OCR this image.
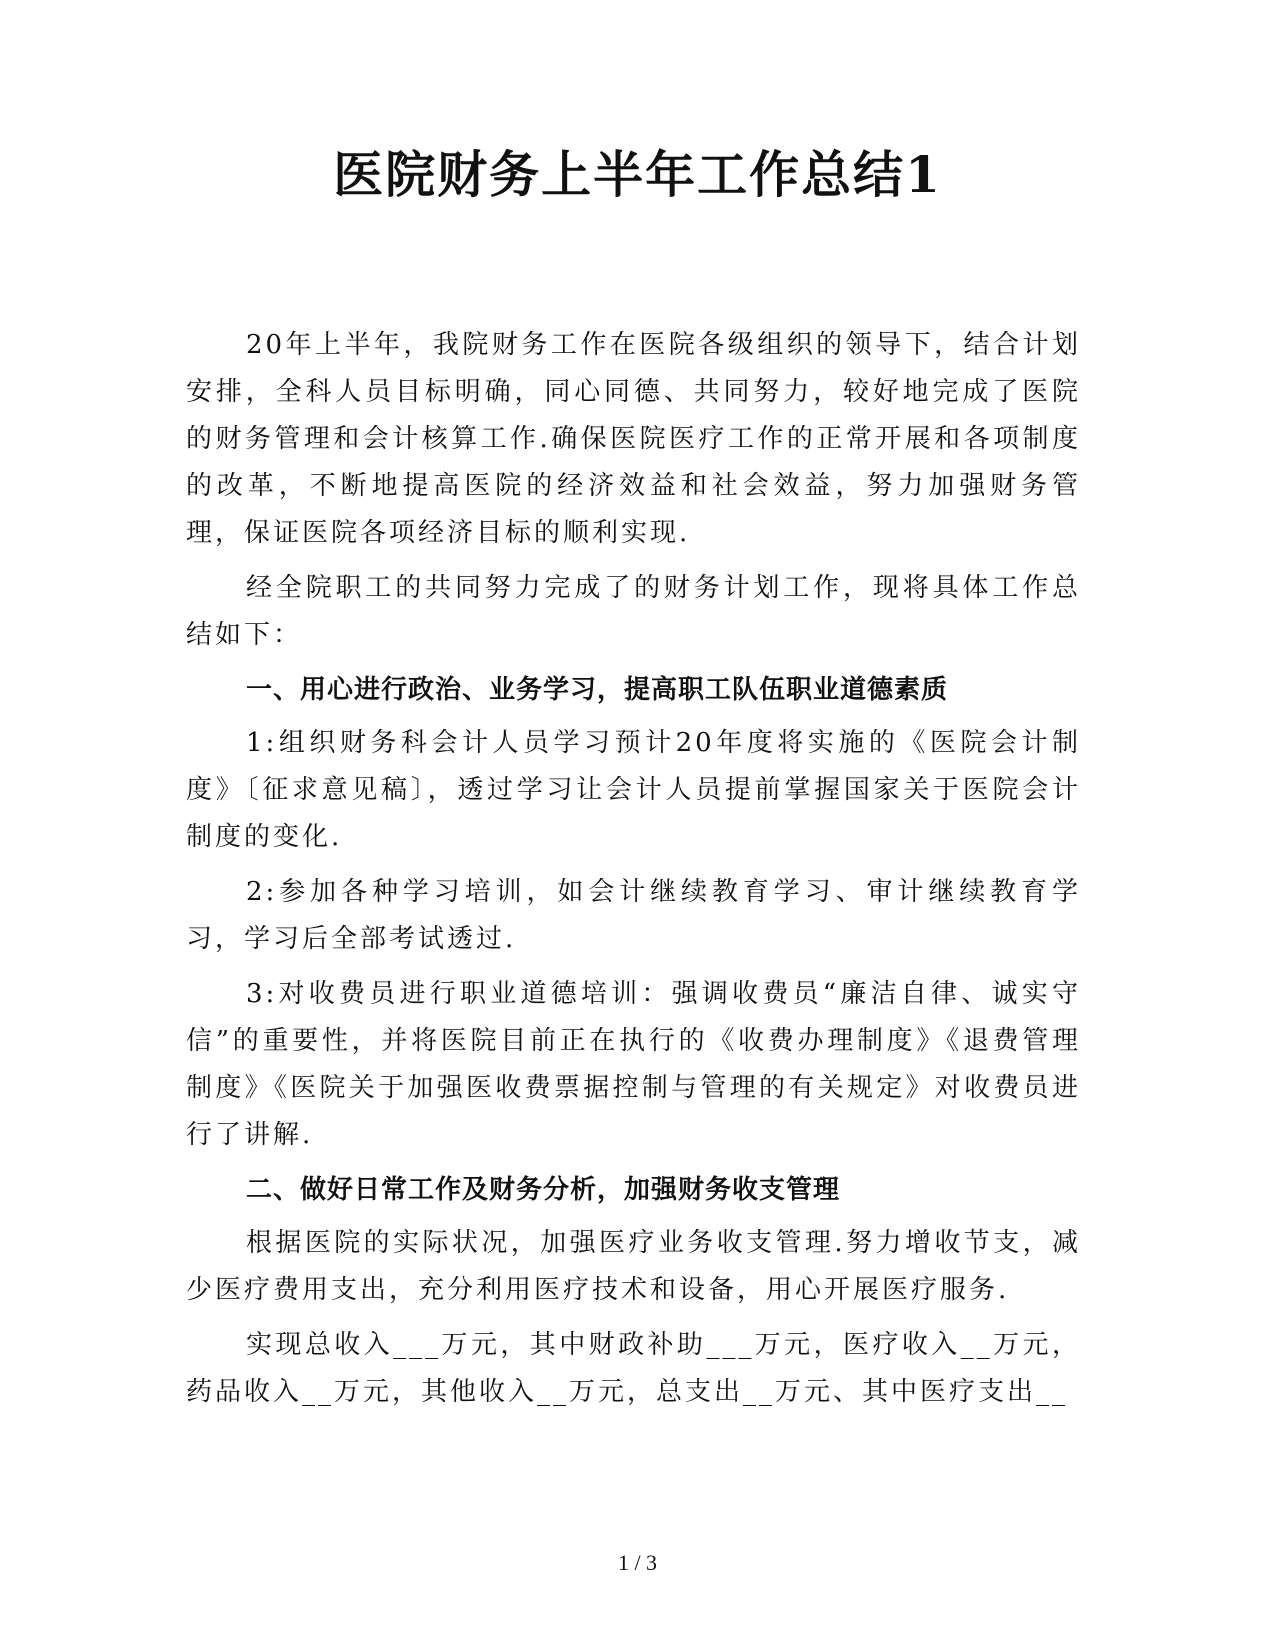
医院财务上半年工作总结1

20年上半年，我院财务工作在医院各级组织的领导下，结合计划安排，全科人员目标明确，同心同德、共同努力，较好地完成了医院的财务管理和会计核算工作.确保医院医疗工作的正常开展和各项制度的改革，不断地提高医院的经济效益和社会效益，努力加强财务管理，保证医院各项经济目标的顺利实现.

经全院职工的共同努力完成了的财务计划工作，现将具体工作总结如下：

一、用心进行政治、业务学习，提高职工队伍职业道德素质

1:组织财务科会计人员学习预计20年度将实施的《医院会计制度》〔征求意见稿〕，透过学习让会计人员提前掌握国家关于医院会计制度的变化.

2:参加各种学习培训，如会计继续教育学习、审计继续教育学习，学习后全部考试透过.

3:对收费员进行职业道德培训：强调收费员“廉洁自律、诚实守信”的重要性，并将医院目前正在执行的《收费办理制度》《退费管理制度》《医院关于加强医收费票据控制与管理的有关规定》对收费员进行了讲解.

二、做好日常工作及财务分析，加强财务收支管理

根据医院的实际状况，加强医疗业务收支管理.努力增收节支，减少医疗费用支出，充分利用医疗技术和设备，用心开展医疗服务.

实现总收入___万元，其中财政补助___万元，医疗收入__万元，药品收入__万元，其他收入__万元，总支出__万元、其中医疗支出__

1 / 3
